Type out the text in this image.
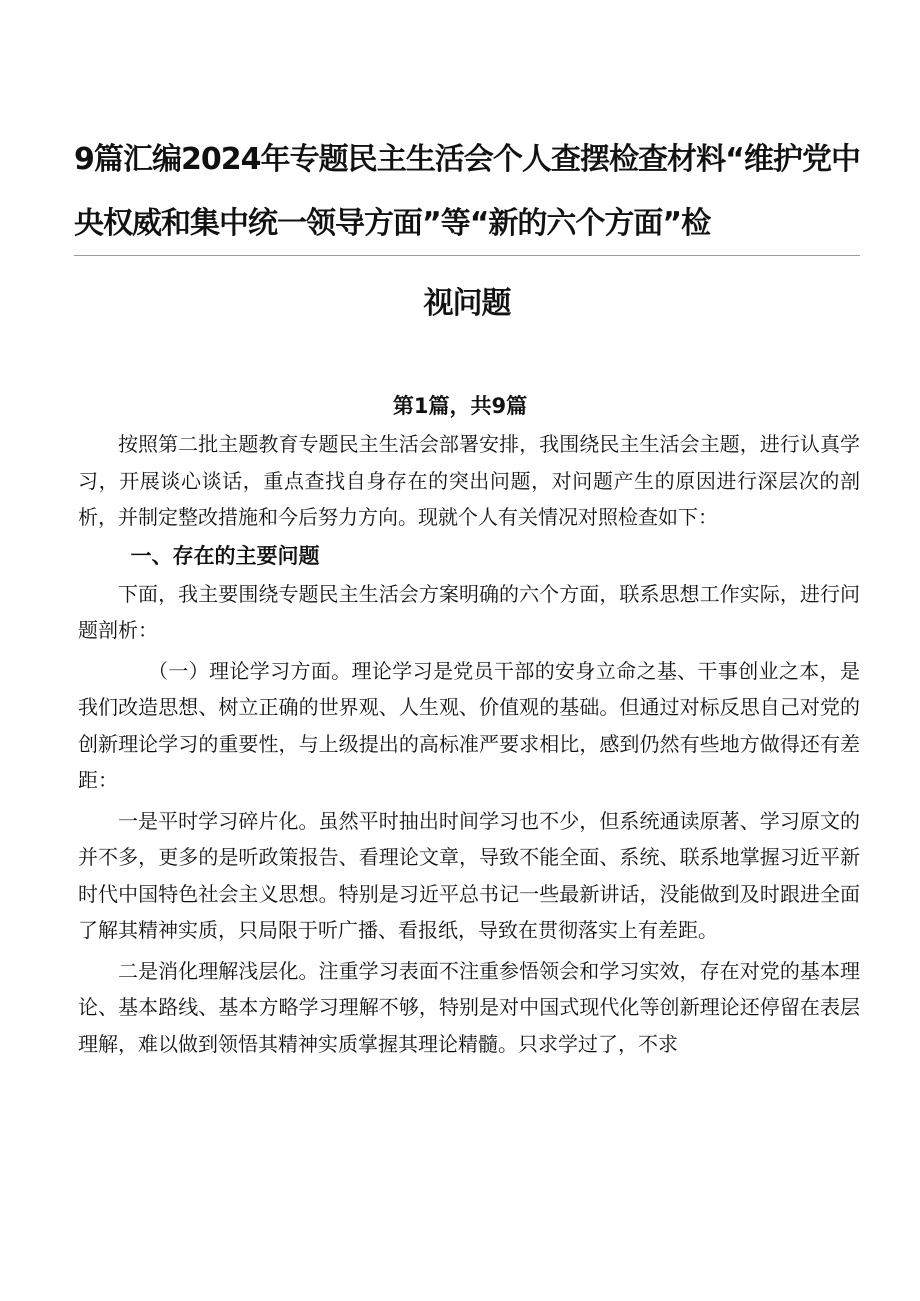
9篇汇编2024年专题民主生活会个人查摆检查材料“维护党中
央权威和集中统一领导方面”等“新的六个方面”检
视问题
第1篇，共9篇

按照第二批主题教育专题民主生活会部署安排，我围绕民主生活会主题，进行认真学习，开展谈心谈话，重点查找自身存在的突出问题，对问题产生的原因进行深层次的剖析，并制定整改措施和今后努力方向。现就个人有关情况对照检查如下：

一、存在的主要问题

下面，我主要围绕专题民主生活会方案明确的六个方面，联系思想工作实际，进行问题剖析：

（一）理论学习方面。理论学习是党员干部的安身立命之基、干事创业之本，是我们改造思想、树立正确的世界观、人生观、价值观的基础。但通过对标反思自己对党的创新理论学习的重要性，与上级提出的高标准严要求相比，感到仍然有些地方做得还有差距：

一是平时学习碎片化。虽然平时抽出时间学习也不少，但系统通读原著、学习原文的并不多，更多的是听政策报告、看理论文章，导致不能全面、系统、联系地掌握习近平新时代中国特色社会主义思想。特别是习近平总书记一些最新讲话，没能做到及时跟进全面了解其精神实质，只局限于听广播、看报纸，导致在贯彻落实上有差距。

二是消化理解浅层化。注重学习表面不注重参悟领会和学习实效，存在对党的基本理论、基本路线、基本方略学习理解不够，特别是对中国式现代化等创新理论还停留在表层理解，难以做到领悟其精神实质掌握其理论精髓。只求学过了，不求
